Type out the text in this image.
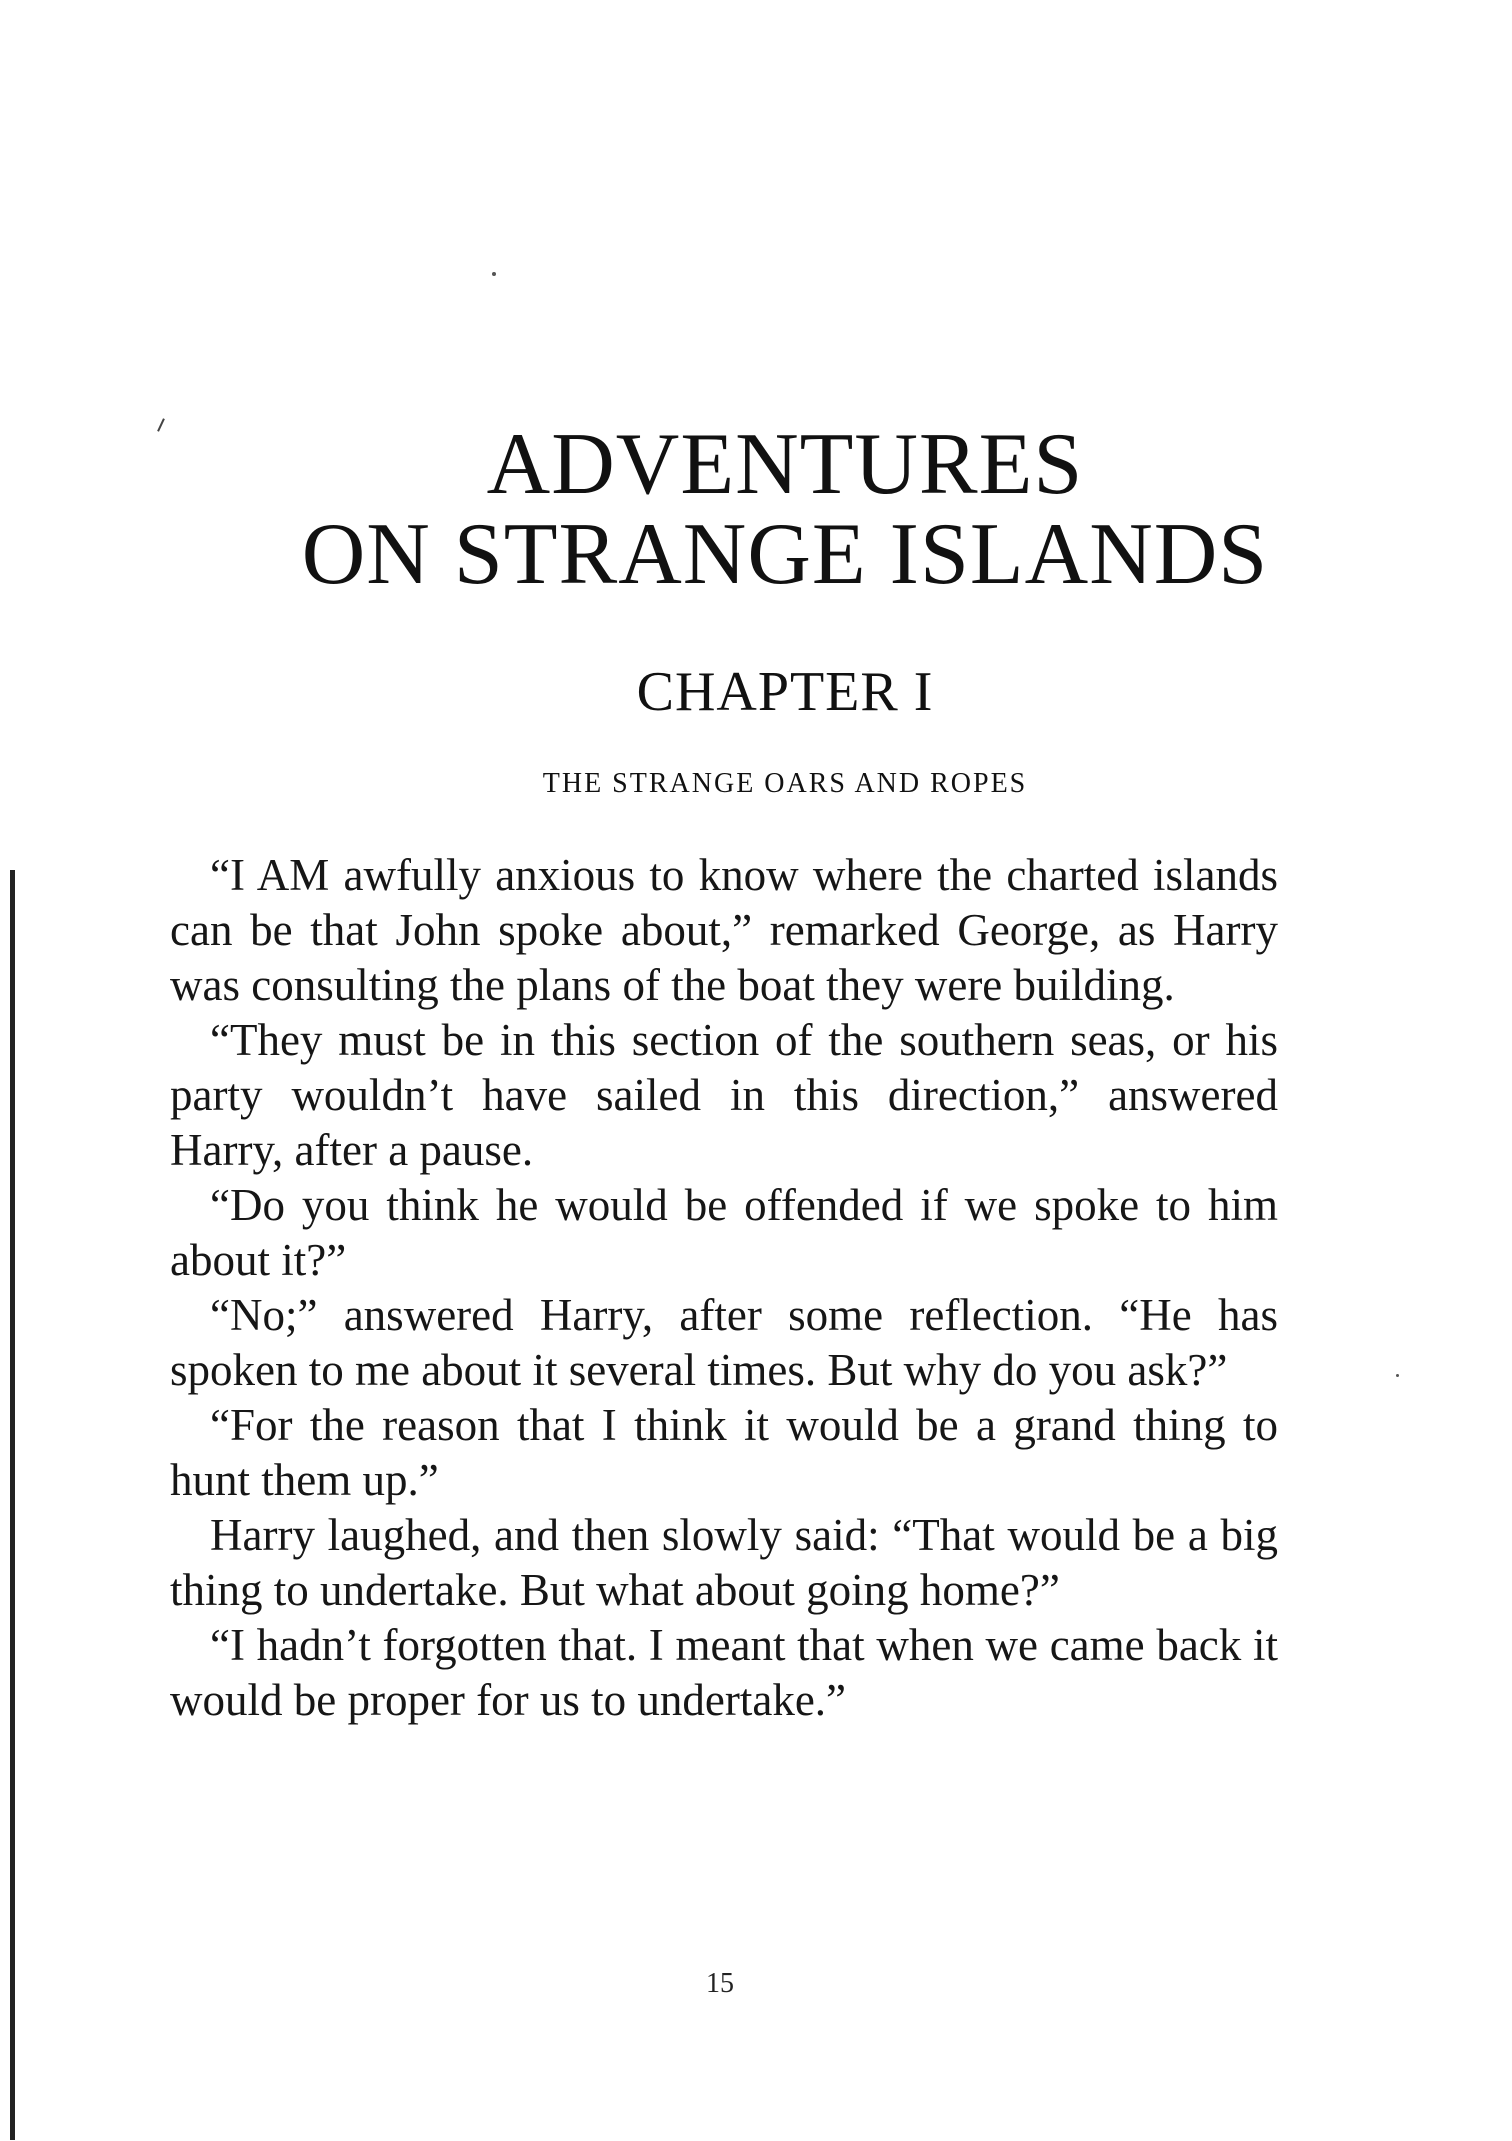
ADVENTURES
ON STRANGE ISLANDS
CHAPTER I
THE STRANGE OARS AND ROPES

“I AM awfully anxious to know where the charted islands can be that John spoke about,” remarked George, as Harry was consulting the plans of the boat they were building.

“They must be in this section of the southern seas, or his party wouldn’t have sailed in this direction,” answered Harry, after a pause.

“Do you think he would be offended if we spoke to him about it?”

“No;” answered Harry, after some reflection. “He has spoken to me about it several times. But why do you ask?”

“For the reason that I think it would be a grand thing to hunt them up.”

Harry laughed, and then slowly said: “That would be a big thing to undertake. But what about going home?”

“I hadn’t forgotten that. I meant that when we came back it would be proper for us to undertake.”

15
